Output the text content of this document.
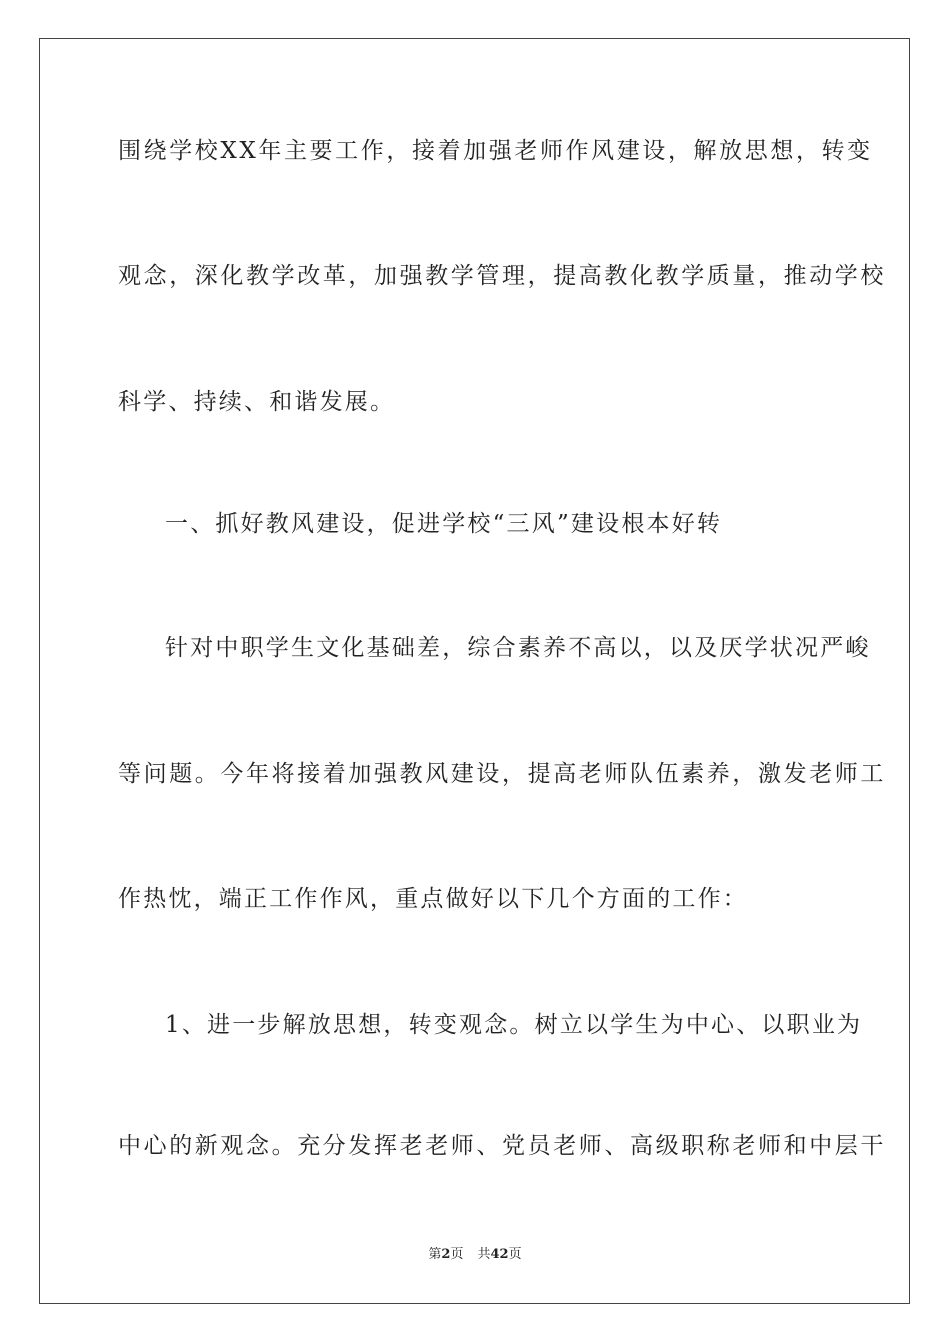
围绕学校XX年主要工作，接着加强老师作风建设，解放思想，转变
观念，深化教学改革，加强教学管理，提高教化教学质量，推动学校
科学、持续、和谐发展。
一、抓好教风建设，促进学校“三风”建设根本好转
针对中职学生文化基础差，综合素养不高以，以及厌学状况严峻
等问题。今年将接着加强教风建设，提高老师队伍素养，激发老师工
作热忱，端正工作作风，重点做好以下几个方面的工作：
1、进一步解放思想，转变观念。树立以学生为中心、以职业为
中心的新观念。充分发挥老老师、党员老师、高级职称老师和中层干
第2页 共42页
